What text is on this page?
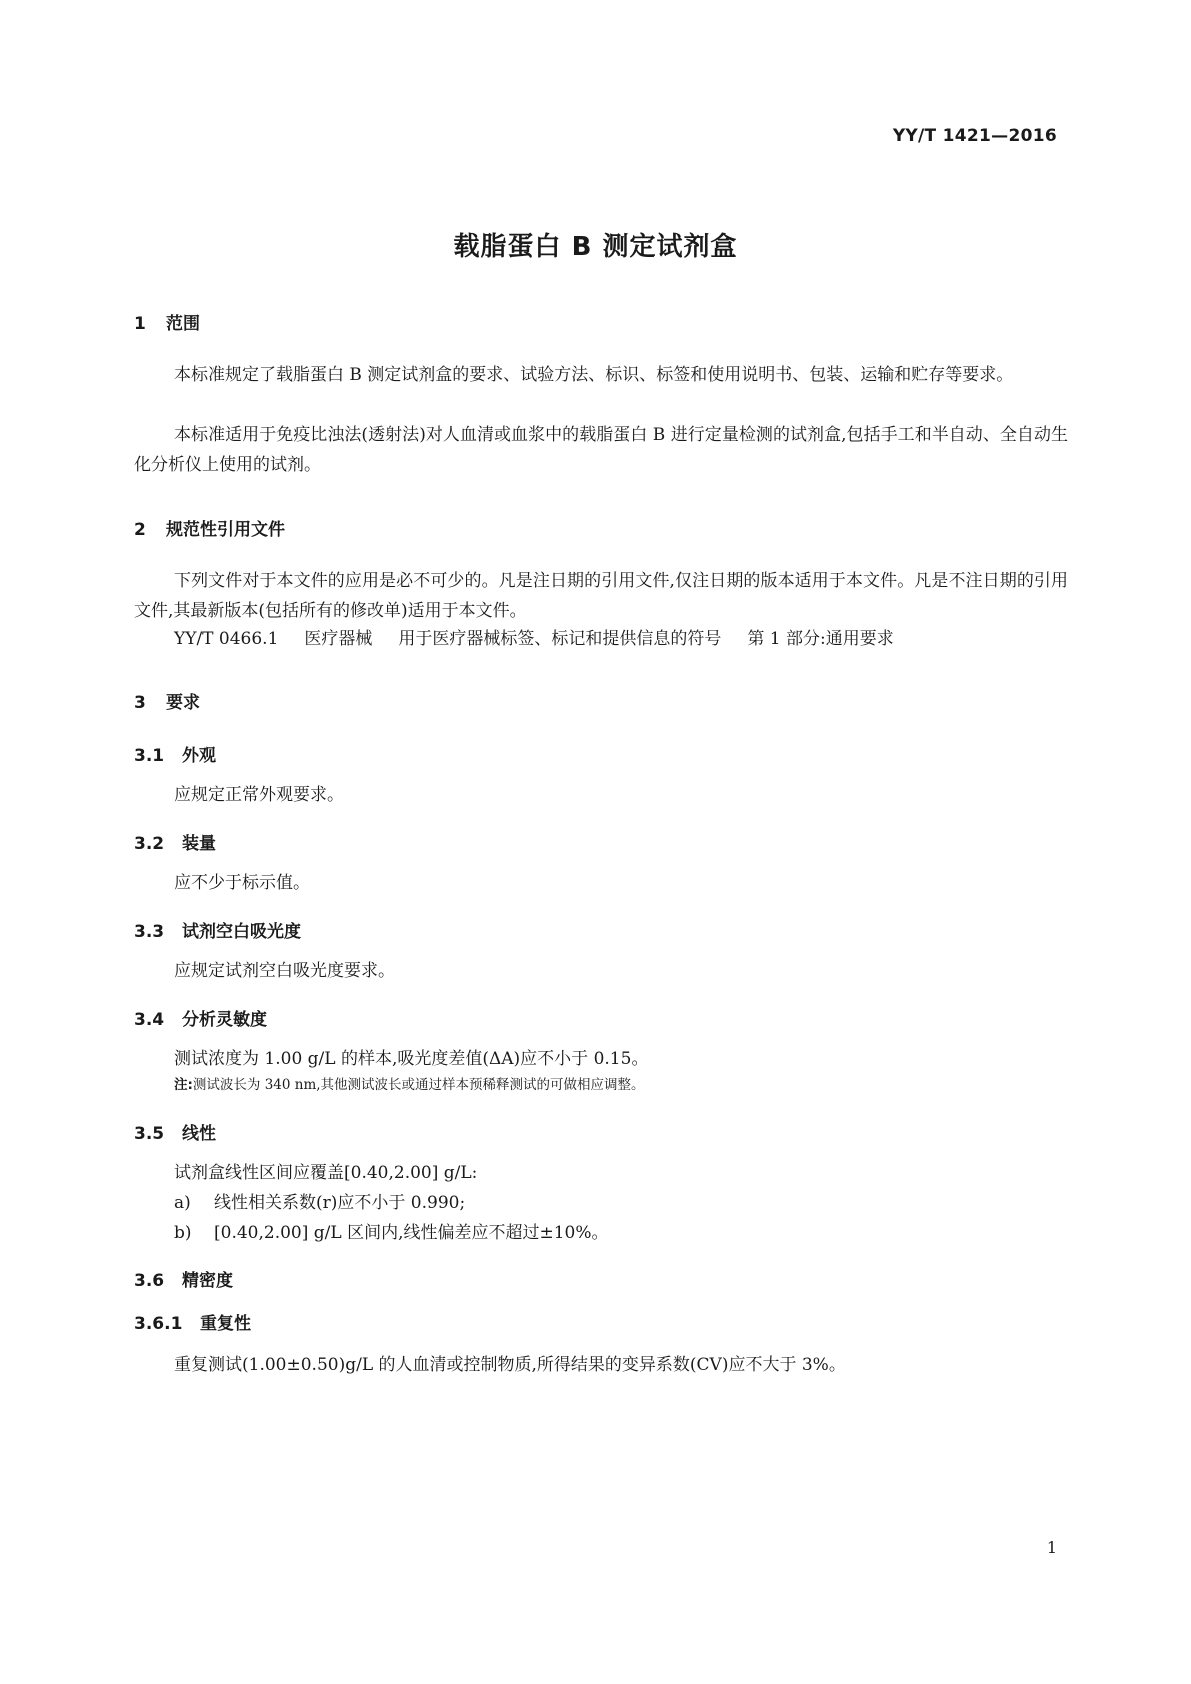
YY/T 1421—2016
载脂蛋白 B 测定试剂盒
1 范围

本标准规定了载脂蛋白 B 测定试剂盒的要求、试验方法、标识、标签和使用说明书、包装、运输和贮存等要求。

本标准适用于免疫比浊法(透射法)对人血清或血浆中的载脂蛋白 B 进行定量检测的试剂盒,包括手工和半自动、全自动生化分析仪上使用的试剂。

2 规范性引用文件

下列文件对于本文件的应用是必不可少的。凡是注日期的引用文件,仅注日期的版本适用于本文件。凡是不注日期的引用文件,其最新版本(包括所有的修改单)适用于本文件。

YY/T 0466.1 医疗器械 用于医疗器械标签、标记和提供信息的符号 第 1 部分:通用要求
3 要求
3.1 外观
应规定正常外观要求。
3.2 装量
应不少于标示值。
3.3 试剂空白吸光度
应规定试剂空白吸光度要求。
3.4 分析灵敏度
测试浓度为 1.00 g/L 的样本,吸光度差值(ΔA)应不小于 0.15。
注:测试波长为 340 nm,其他测试波长或通过样本预稀释测试的可做相应调整。
3.5 线性
试剂盒线性区间应覆盖[0.40,2.00] g/L:
a) 线性相关系数(r)应不小于 0.990;
b) [0.40,2.00] g/L 区间内,线性偏差应不超过±10%。
3.6 精密度
3.6.1 重复性
重复测试(1.00±0.50)g/L 的人血清或控制物质,所得结果的变异系数(CV)应不大于 3%。
1
